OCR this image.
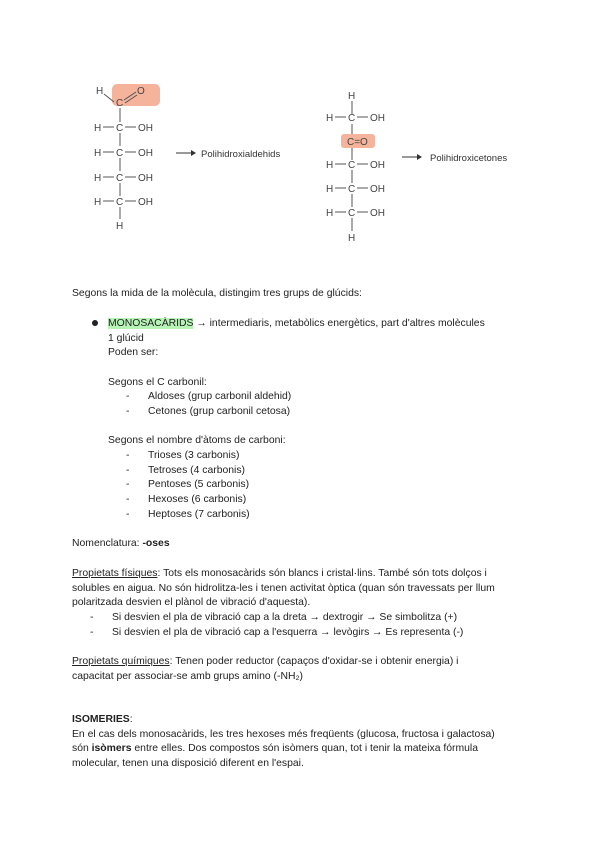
H
C
O
H C OH
H C OH
H C OH
H C OH
H
Polihidroxialdehids
H
H C OH
C=O
H C OH
H C OH
H C OH
H
Polihidroxicetones
Segons la mida de la molècula, distingim tres grups de glúcids:
MONOSACÀRIDS → intermediaris, metabòlics energètics, part d'altres molècules
1 glúcid
Poden ser:
Segons el C carbonil:
- Aldoses (grup carbonil aldehid)
- Cetones (grup carbonil cetosa)
Segons el nombre d'àtoms de carboni:
- Trioses (3 carbonis)
- Tetroses (4 carbonis)
- Pentoses (5 carbonis)
- Hexoses (6 carbonis)
- Heptoses (7 carbonis)
Nomenclatura: -oses
Propietats físiques: Tots els monosacàrids són blancs i cristal·lins. També són tots dolços i
solubles en aigua. No són hidrolitza-les i tenen activitat òptica (quan són travessats per llum
polaritzada desvien el plànol de vibració d'aquesta).
- Si desvien el pla de vibració cap a la dreta → dextrogir → Se simbolitza (+)
- Si desvien el pla de vibració cap a l'esquerra → levògirs → Es representa (-)
Propietats químiques: Tenen poder reductor (capaços d'oxidar-se i obtenir energia) i
capacitat per associar-se amb grups amino (-NH₂)
ISOMERIES:
En el cas dels monosacàrids, les tres hexoses més freqüents (glucosa, fructosa i galactosa)
són isòmers entre elles. Dos compostos són isòmers quan, tot i tenir la mateixa fórmula
molecular, tenen una disposició diferent en l'espai.
